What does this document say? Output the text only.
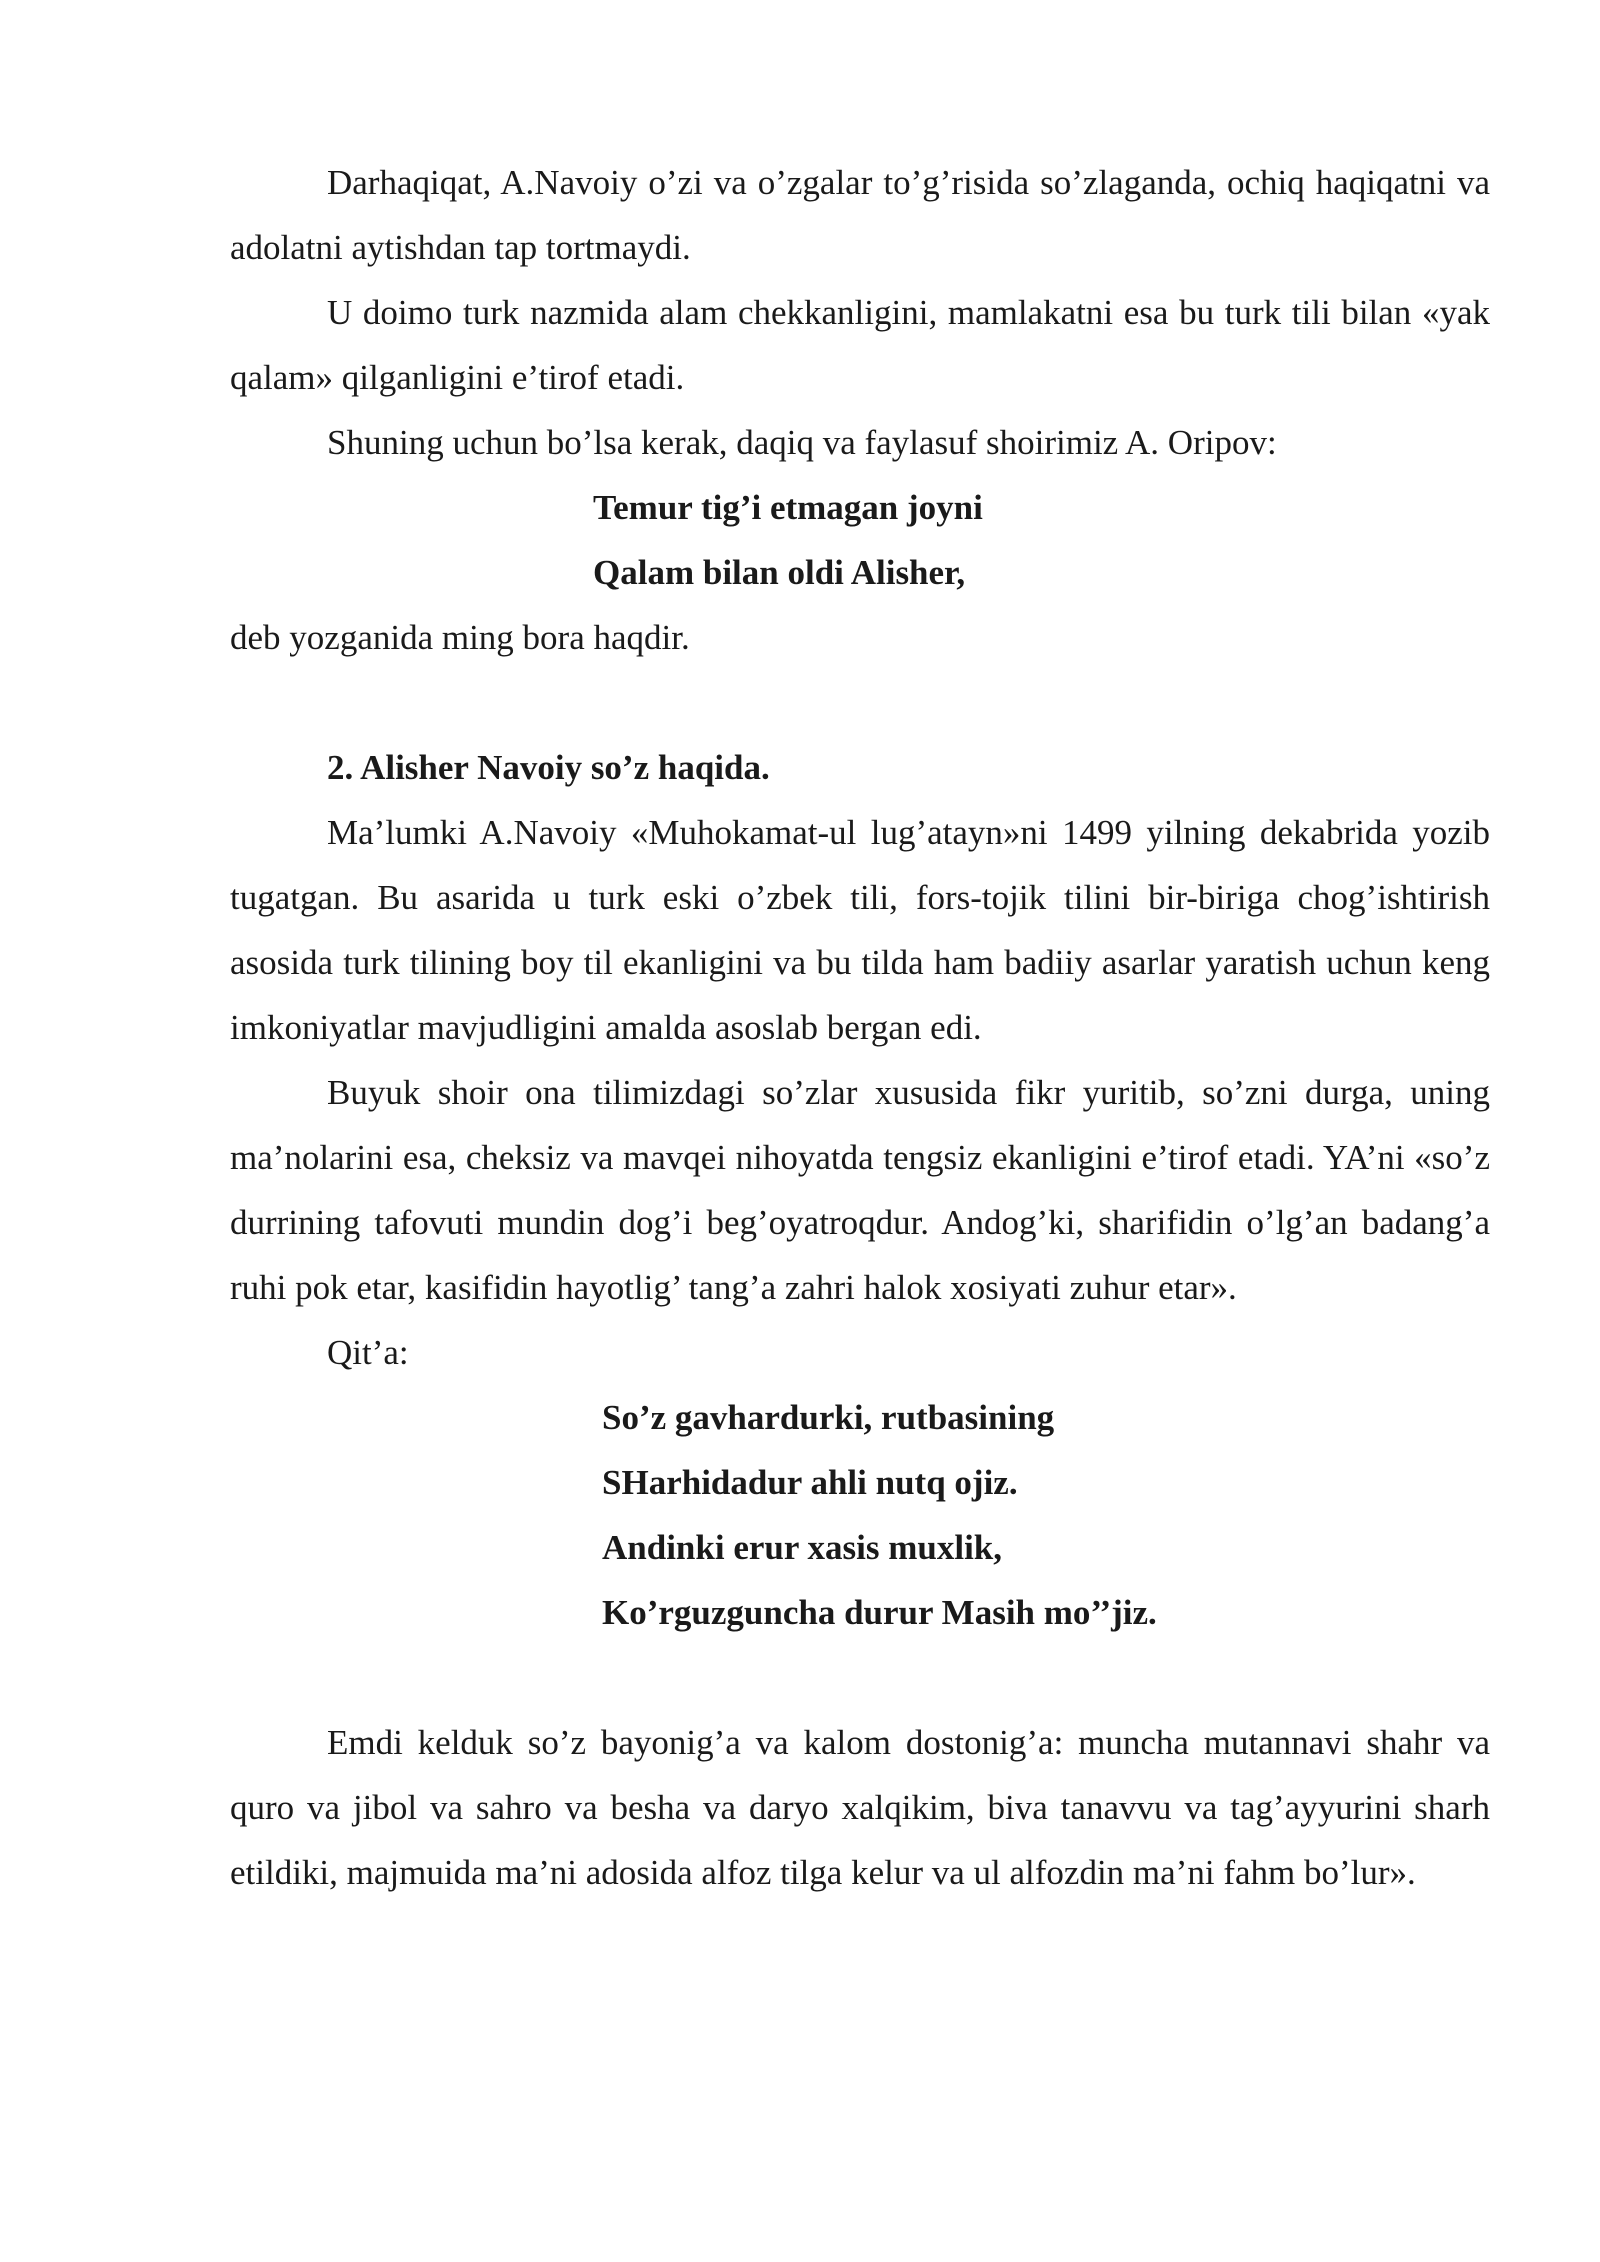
Darhaqiqat, A.Navoiy o’zi va o’zgalar to’g’risida so’zlaganda, ochiq haqiqatni va adolatni aytishdan tap tortmaydi.

U doimo turk nazmida alam chekkanligini, mamlakatni esa bu turk tili bilan «yak qalam» qilganligini e’tirof etadi.

Shuning uchun bo’lsa kerak, daqiq va faylasuf shoirimiz A. Oripov:

Temur tig’i etmagan joyni

Qalam bilan oldi Alisher,

deb yozganida ming bora haqdir.

2. Alisher Navoiy so’z haqida.

Ma’lumki A.Navoiy «Muhokamat-ul lug’atayn»ni 1499 yilning dekabrida yozib tugatgan. Bu asarida u turk eski o’zbek tili, fors-tojik tilini bir-biriga chog’ishtirish asosida turk tilining boy til ekanligini va bu tilda ham badiiy asarlar yaratish uchun keng imkoniyatlar mavjudligini amalda asoslab bergan edi.

Buyuk shoir ona tilimizdagi so’zlar xususida fikr yuritib, so’zni durga, uning ma’nolarini esa, cheksiz va mavqei nihoyatda tengsiz ekanligini e’tirof etadi. YA’ni «so’z durrining tafovuti mundin dog’i beg’oyatroqdur. Andog’ki, sharifidin o’lg’an badang’a ruhi pok etar, kasifidin hayotlig’ tang’a zahri halok xosiyati zuhur etar».

Qit’a:

So’z gavhardurki, rutbasining

SHarhidadur ahli nutq ojiz.

Andinki erur xasis muxlik,

Ko’rguzguncha durur Masih mo’’jiz.

Emdi kelduk so’z bayonig’a va kalom dostonig’a: muncha mutannavi shahr va quro va jibol va sahro va besha va daryo xalqikim, biva tanavvu va tag’ayyurini sharh etildiki, majmuida ma’ni adosida alfoz tilga kelur va ul alfozdin ma’ni fahm bo’lur».
